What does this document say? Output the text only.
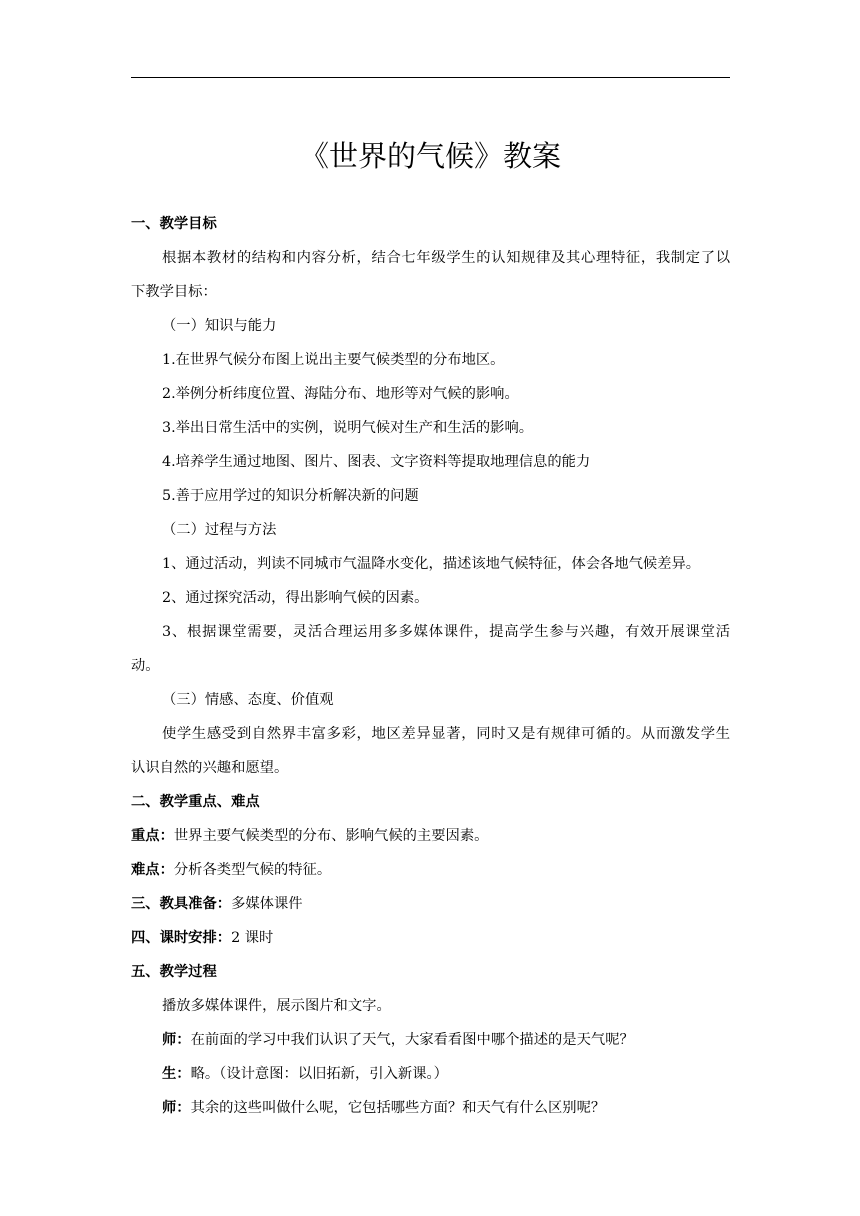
《世界的气候》教案
一、教学目标
根据本教材的结构和内容分析，结合七年级学生的认知规律及其心理特征，我制定了以
下教学目标：
（一）知识与能力
1.在世界气候分布图上说出主要气候类型的分布地区。
2.举例分析纬度位置、海陆分布、地形等对气候的影响。
3.举出日常生活中的实例，说明气候对生产和生活的影响。
4.培养学生通过地图、图片、图表、文字资料等提取地理信息的能力
5.善于应用学过的知识分析解决新的问题
（二）过程与方法
1、通过活动，判读不同城市气温降水变化，描述该地气候特征，体会各地气候差异。
2、通过探究活动，得出影响气候的因素。
3、根据课堂需要，灵活合理运用多多媒体课件，提高学生参与兴趣，有效开展课堂活
动。
（三）情感、态度、价值观
使学生感受到自然界丰富多彩，地区差异显著，同时又是有规律可循的。从而激发学生
认识自然的兴趣和愿望。
二、教学重点、难点
重点：世界主要气候类型的分布、影响气候的主要因素。
难点：分析各类型气候的特征。
三、教具准备：多媒体课件
四、课时安排：2 课时
五、教学过程
播放多媒体课件，展示图片和文字。
师：在前面的学习中我们认识了天气，大家看看图中哪个描述的是天气呢？
生：略。（设计意图：以旧拓新，引入新课。）
师：其余的这些叫做什么呢，它包括哪些方面？和天气有什么区别呢？
